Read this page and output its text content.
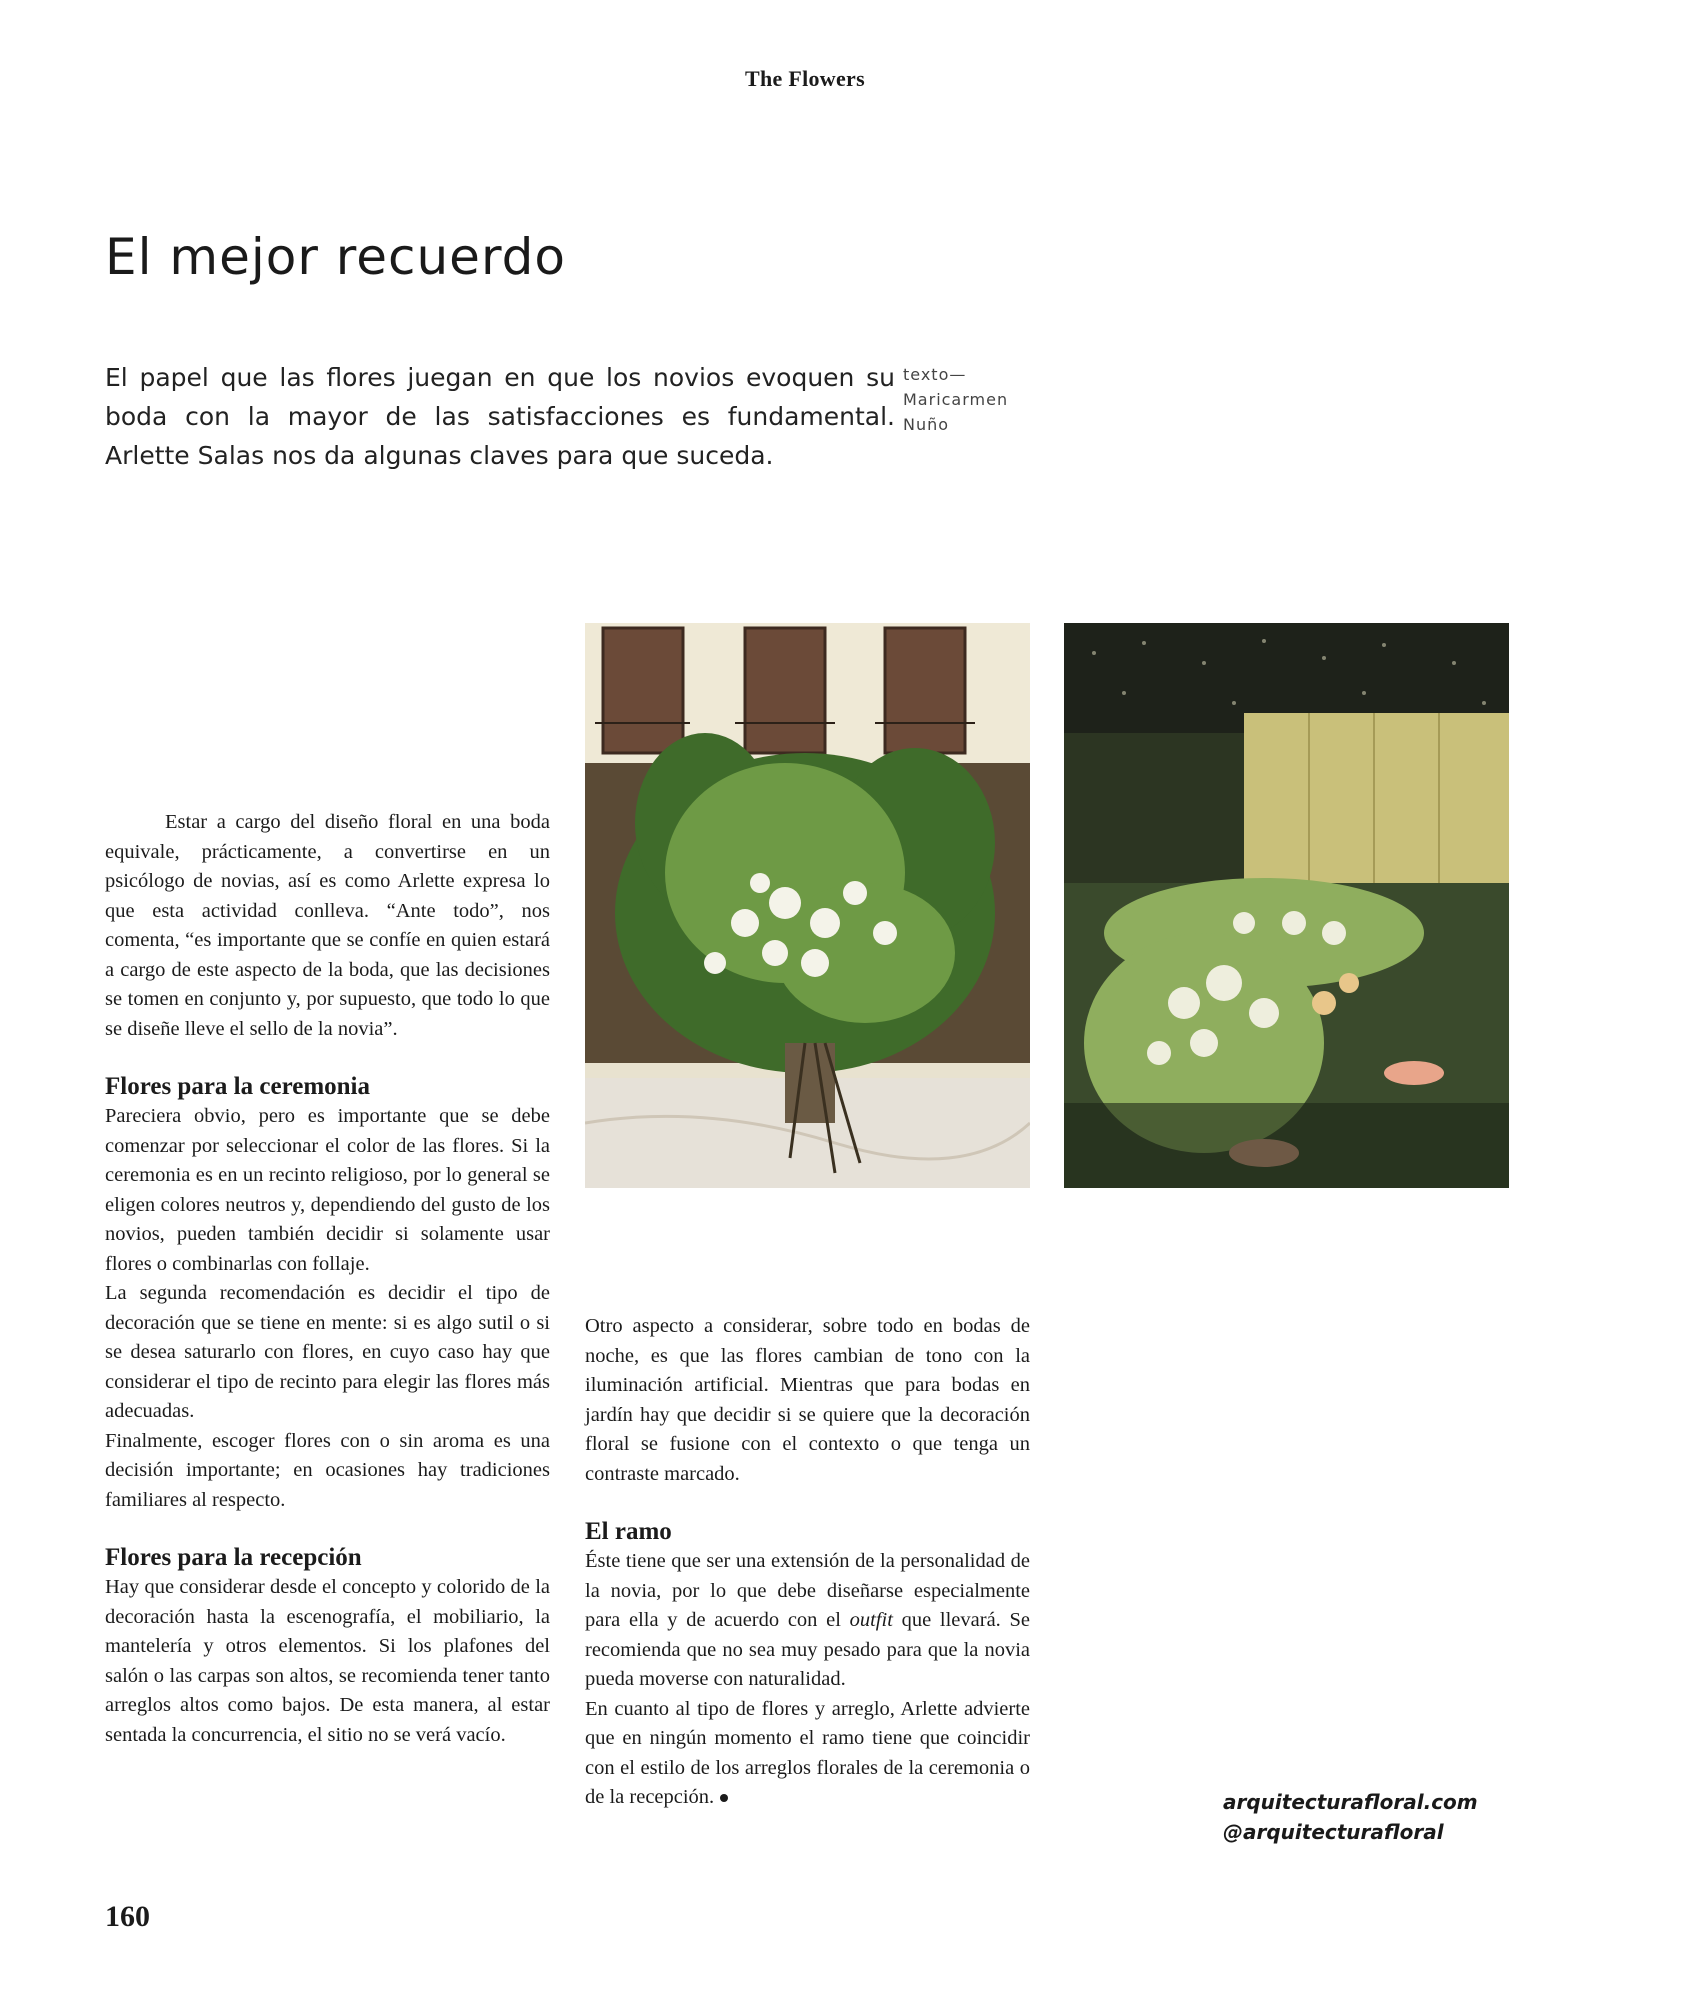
The Flowers
El mejor recuerdo

El papel que las flores juegan en que los novios evoquen su boda con la mayor de las satisfacciones es fundamental. Arlette Salas nos da algunas claves para que suceda.

texto—
Maricarmen
Nuño

Estar a cargo del diseño floral en una boda equivale, prácticamente, a convertirse en un psicólogo de novias, así es como Arlette expresa lo que esta actividad conlleva. “Ante todo”, nos comenta, “es importante que se confíe en quien estará a cargo de este aspecto de la boda, que las decisiones se tomen en conjunto y, por supuesto, que todo lo que se diseñe lleve el sello de la novia”.

Flores para la ceremonia

Pareciera obvio, pero es importante que se debe comenzar por seleccionar el color de las flores. Si la ceremonia es en un recinto religioso, por lo general se eligen colores neutros y, dependiendo del gusto de los novios, pueden también decidir si solamente usar flores o combinarlas con follaje.

La segunda recomendación es decidir el tipo de decoración que se tiene en mente: si es algo sutil o si se desea saturarlo con flores, en cuyo caso hay que considerar el tipo de recinto para elegir las flores más adecuadas.

Finalmente, escoger flores con o sin aroma es una decisión importante; en ocasiones hay tradiciones familiares al respecto.

Flores para la recepción

Hay que considerar desde el concepto y colorido de la decoración hasta la escenografía, el mobiliario, la mantelería y otros elementos. Si los plafones del salón o las carpas son altos, se recomienda tener tanto arreglos altos como bajos. De esta manera, al estar sentada la concurrencia, el sitio no se verá vacío.

Otro aspecto a considerar, sobre todo en bodas de noche, es que las flores cambian de tono con la iluminación artificial. Mientras que para bodas en jardín hay que decidir si se quiere que la decoración floral se fusione con el contexto o que tenga un contraste marcado.

El ramo

Éste tiene que ser una extensión de la personalidad de la novia, por lo que debe diseñarse especialmente para ella y de acuerdo con el outfit que llevará. Se recomienda que no sea muy pesado para que la novia pueda moverse con naturalidad.

En cuanto al tipo de flores y arreglo, Arlette advierte que en ningún momento el ramo tiene que coincidir con el estilo de los arreglos florales de la ceremonia o de la recepción.	arquitecturafloral.com
@arquitecturafloral
160
